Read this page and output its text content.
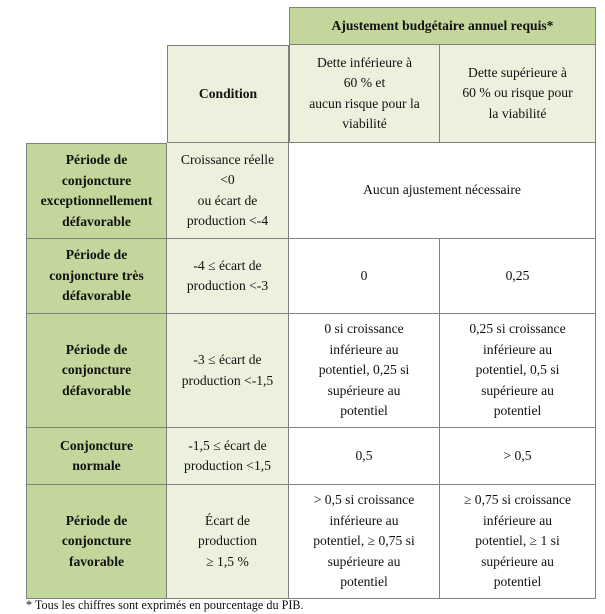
Ajustement budgétaire annuel requis*
Condition
Dette inférieure à
60 % et
aucun risque pour la
viabilité
Dette supérieure à
60 % ou risque pour
la viabilité
Période de
conjoncture
exceptionnellement
défavorable
Croissance réelle
<0
ou écart de
production <-4
Aucun ajustement nécessaire
Période de
conjoncture très
défavorable
-4 ≤ écart de
production <-3
0	0,25
Période de
conjoncture
défavorable
-3 ≤ écart de
production <-1,5
0 si croissance
inférieure au
potentiel, 0,25 si
supérieure au
potentiel
0,25 si croissance
inférieure au
potentiel, 0,5 si
supérieure au
potentiel
Conjoncture
normale
-1,5 ≤ écart de
production <1,5
0,5	> 0,5
Période de
conjoncture
favorable
Écart de
production
≥ 1,5 %
> 0,5 si croissance
inférieure au
potentiel, ≥ 0,75 si
supérieure au
potentiel
≥ 0,75 si croissance
inférieure au
potentiel, ≥ 1 si
supérieure au
potentiel
* Tous les chiffres sont exprimés en pourcentage du PIB.
